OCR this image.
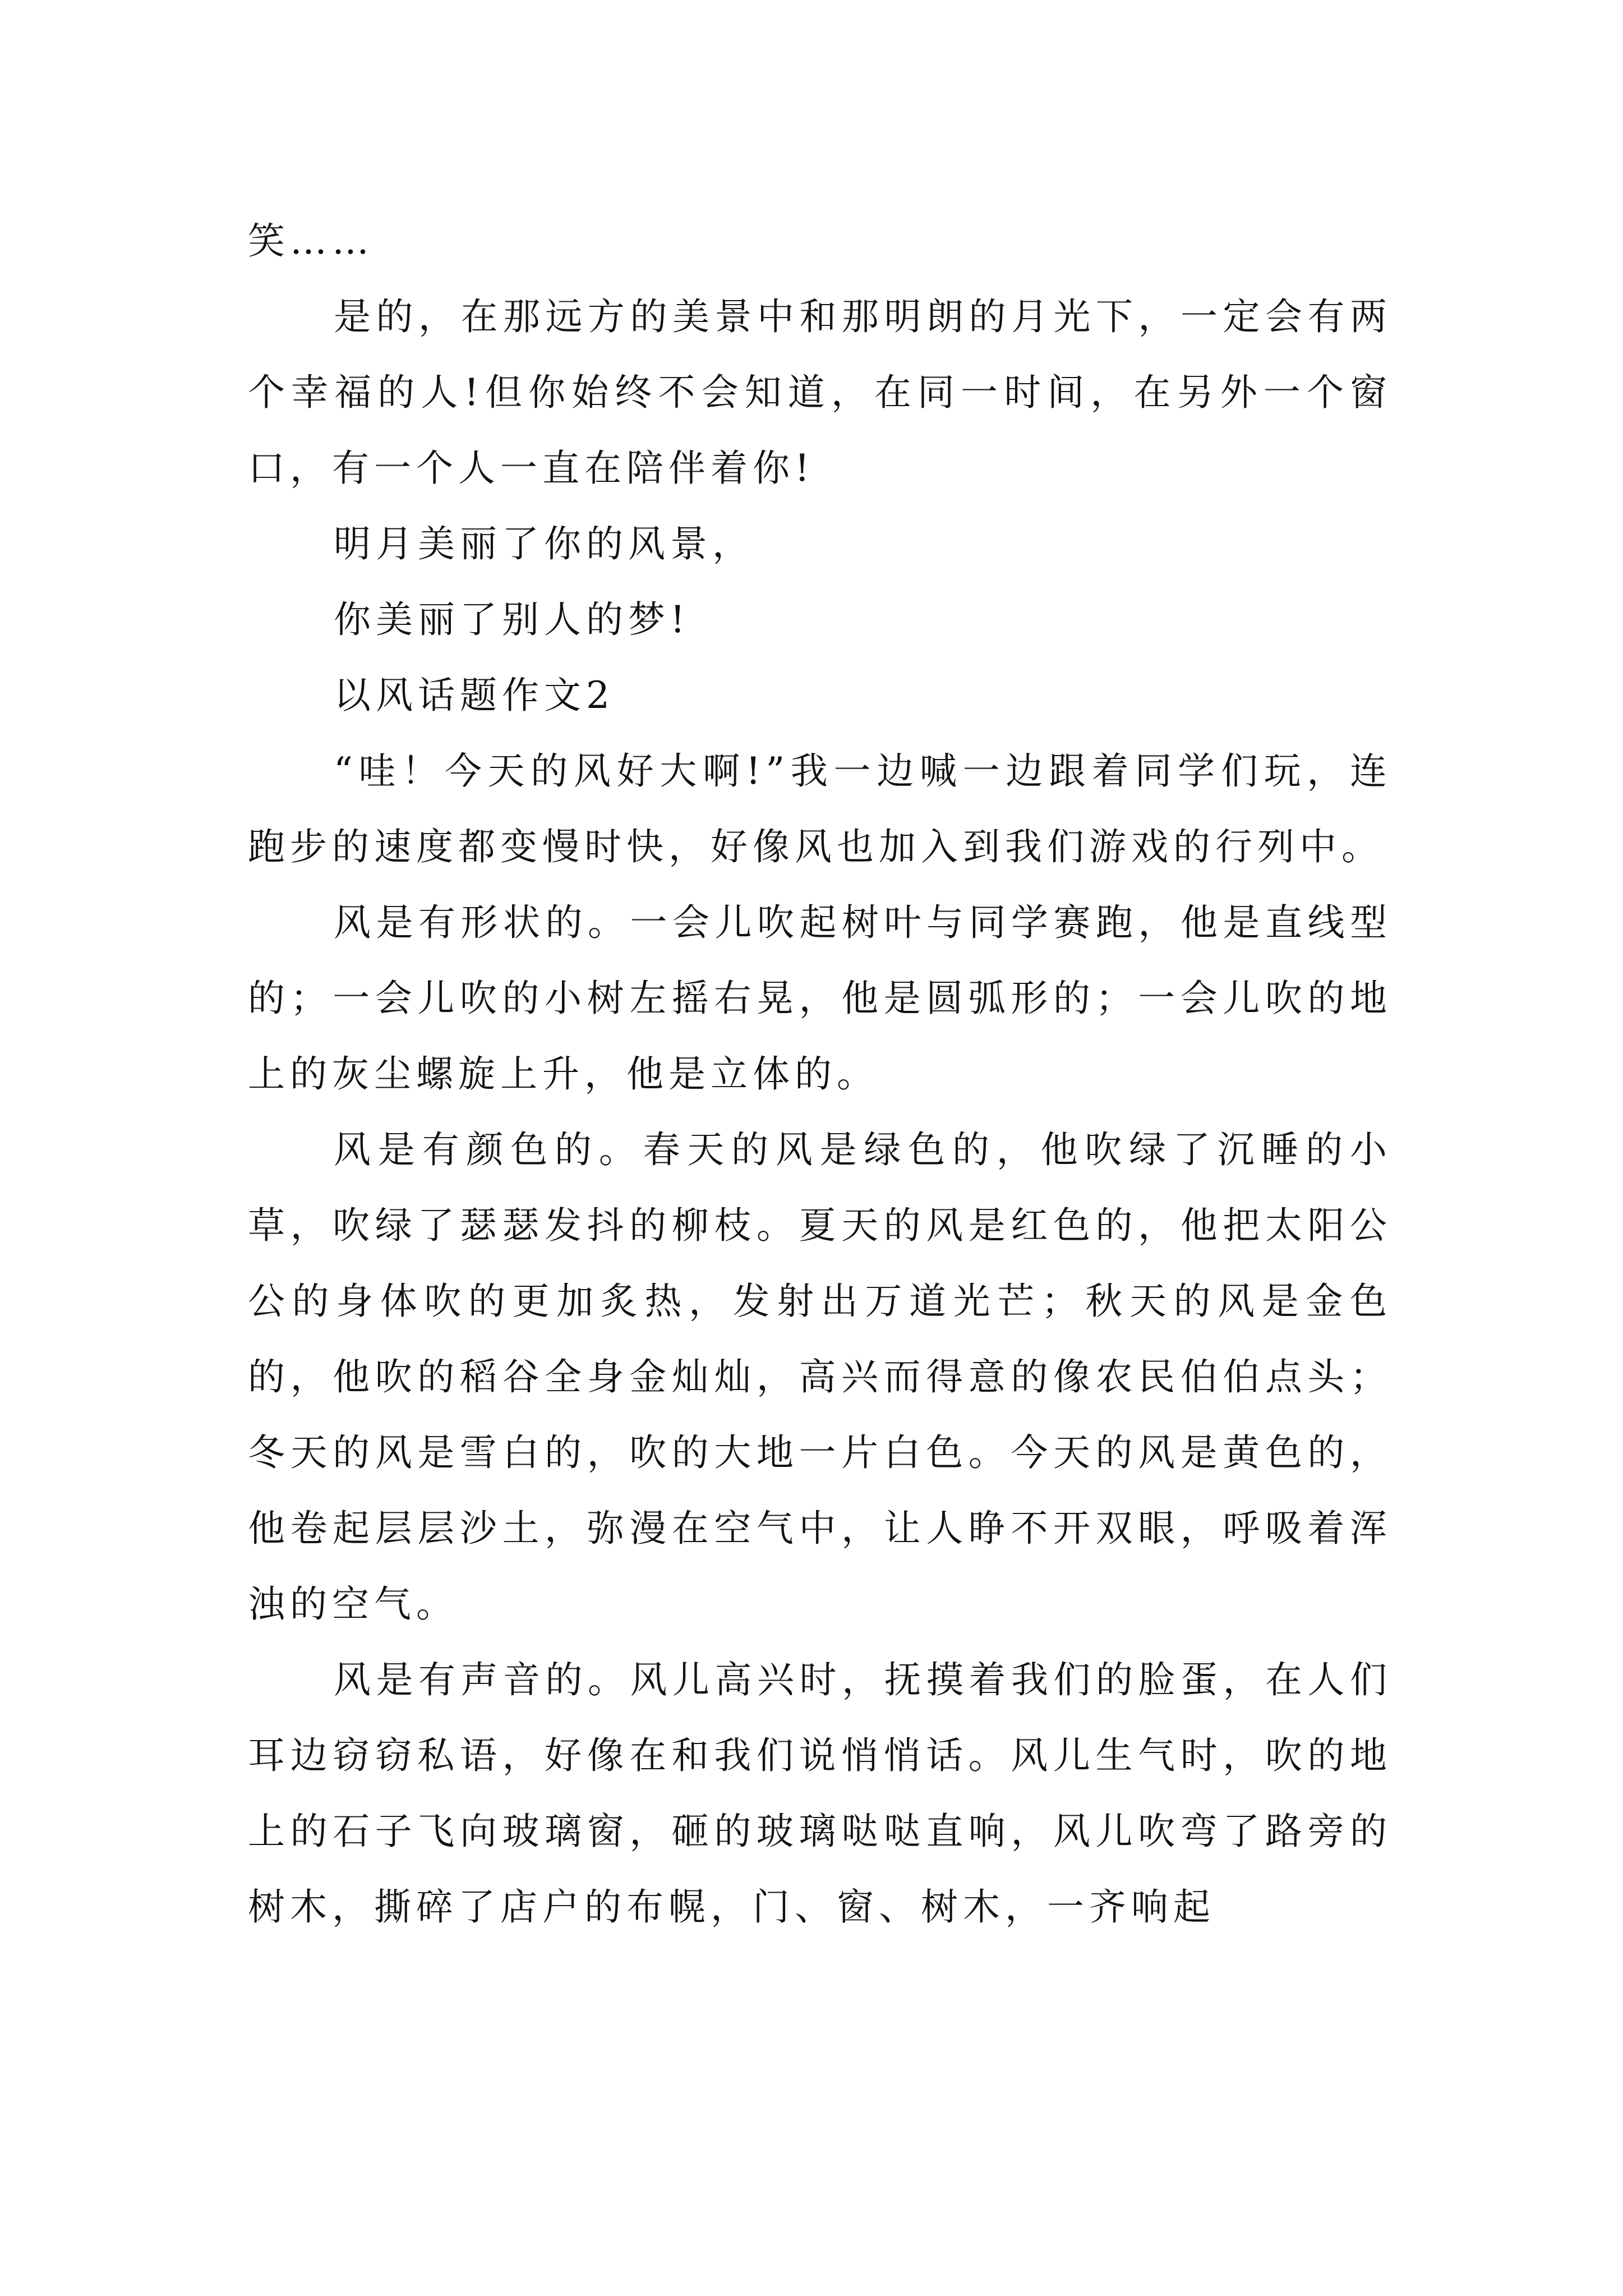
笑……

是的，在那远方的美景中和那明朗的月光下，一定会有两个幸福的人!但你始终不会知道，在同一时间，在另外一个窗口，有一个人一直在陪伴着你!

明月美丽了你的风景，

你美丽了别人的梦!

以风话题作文2

“哇！今天的风好大啊!”我一边喊一边跟着同学们玩，连跑步的速度都变慢时快，好像风也加入到我们游戏的行列中。

风是有形状的。一会儿吹起树叶与同学赛跑，他是直线型的；一会儿吹的小树左摇右晃，他是圆弧形的；一会儿吹的地上的灰尘螺旋上升，他是立体的。

风是有颜色的。春天的风是绿色的，他吹绿了沉睡的小草，吹绿了瑟瑟发抖的柳枝。夏天的风是红色的，他把太阳公公的身体吹的更加炙热，发射出万道光芒；秋天的风是金色的，他吹的稻谷全身金灿灿，高兴而得意的像农民伯伯点头；冬天的风是雪白的，吹的大地一片白色。今天的风是黄色的，他卷起层层沙土，弥漫在空气中，让人睁不开双眼，呼吸着浑浊的空气。

风是有声音的。风儿高兴时，抚摸着我们的脸蛋，在人们耳边窃窃私语，好像在和我们说悄悄话。风儿生气时，吹的地上的石子飞向玻璃窗，砸的玻璃哒哒直响，风儿吹弯了路旁的树木，撕碎了店户的布幌，门、窗、树木，一齐响起
